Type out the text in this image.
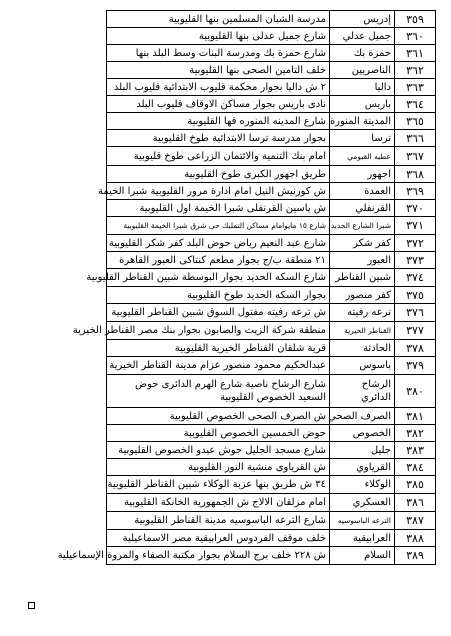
٣٥٩	إدريس	مدرسة الشبان المسلمين بنها القليوبية
٣٦٠	جميل عدلي	شارع جميل عدلى بنها القليوبية
٣٦١	حمزة بك	شارع حمزة بك ومدرسة البنات وسط البلد بنها
٣٦٢	الناصريين	خلف التامين الصحى بنها القليوبية
٣٦٣	داليا	٢ ش داليا بجوار محكمة قليوب الابتدائية قليوب البلد
٣٦٤	باريس	نادى باريس بجوار مساكن الاوقاف قليوب البلد
٣٦٥	المدينة المنورة	شارع المدينه المنوره قها القليوبية
٣٦٦	ترسا	بجوار مدرسة ترسا الابتدائية طوخ القليوبية
٣٦٧	عطيه القيومي	امام بنك التنمية والائتمان الزراعى طوخ قليوبية
٣٦٨	اجهور	طريق اجهور الكبرى طوخ القليوبية
٣٦٩	العمدة	ش كورنيش النيل امام ادارة مرور القليوبية شبرا الخيمة
٣٧٠	القرنفلي	ش ياسين القرنفلى شبرا الخيمة اول القليوبية
٣٧١	شبرا الشارع الجديد	شارع ١٥ مايوامام مساكن التمليك حى شرق شبرا الخيمة القليوبية
٣٧٢	كفر شكر	شارع عبد النعيم رياض حوض البلد كفر شكر القليوبية
٣٧٣	العبور	٢١ منطقة ب/ج بجوار مطعم كنتاكى العبور القاهرة
٣٧٤	شبين القناطر	شارع السكه الحديد بجوار البوسطة شبين القناطر القليوبية
٣٧٥	كفر منصور	بجوار السكه الحديد طوخ القليوبية
٣٧٦	ترعه رفيته	ش ترعه رفيته مفتول السوق شبين القناطر القليوبية
٣٧٧	القناطر الخيرية	منطقة شركة الزيت والصابون بجوار بنك مصر القناطر الخيرية
٣٧٨	الحادثة	قرية شلقان القناطر الخيرية القليوبية
٣٧٩	باسوس	عبدالحكيم محمود منصور عزام مدينة القناطر الخيرية
٣٨٠	الرشاح الدائري	شارع الرشاح ناصية شارع الهرم الدائرى حوض السعيد الخصوص القليوبية
٣٨١	الصرف الصحي	ش الصرف الصحى الخصوص القليوبية
٣٨٢	الخصوص	حوض الخمسين الخصوص القليوبية
٣٨٣	جليل	شارع مسجد الجليل جوش عيدو الخصوص القليوبية
٣٨٤	القرياوي	ش القرياوى منشية النور القليوبية
٣٨٥	الوكلاء	٣٤ ش طريق بنها عزبة الوكلاء شبين القناطر القليوبية
٣٨٦	العسكري	امام مزلقان الالاج ش الجمهورية الخانكة القليوبية
٣٨٧	الترعه الباسوسيه	شارع الترعه الباسوسيه مدينة القناطر القليوبية
٣٨٨	العرابيقية	خلف موقف الفردوس العرابيقية مصر الاسماعيلية
٣٨٩	السلام	ش ٢٢٨ خلف برج السلام بجوار مكتبة الصفاء والمروة الإسماعيلية
